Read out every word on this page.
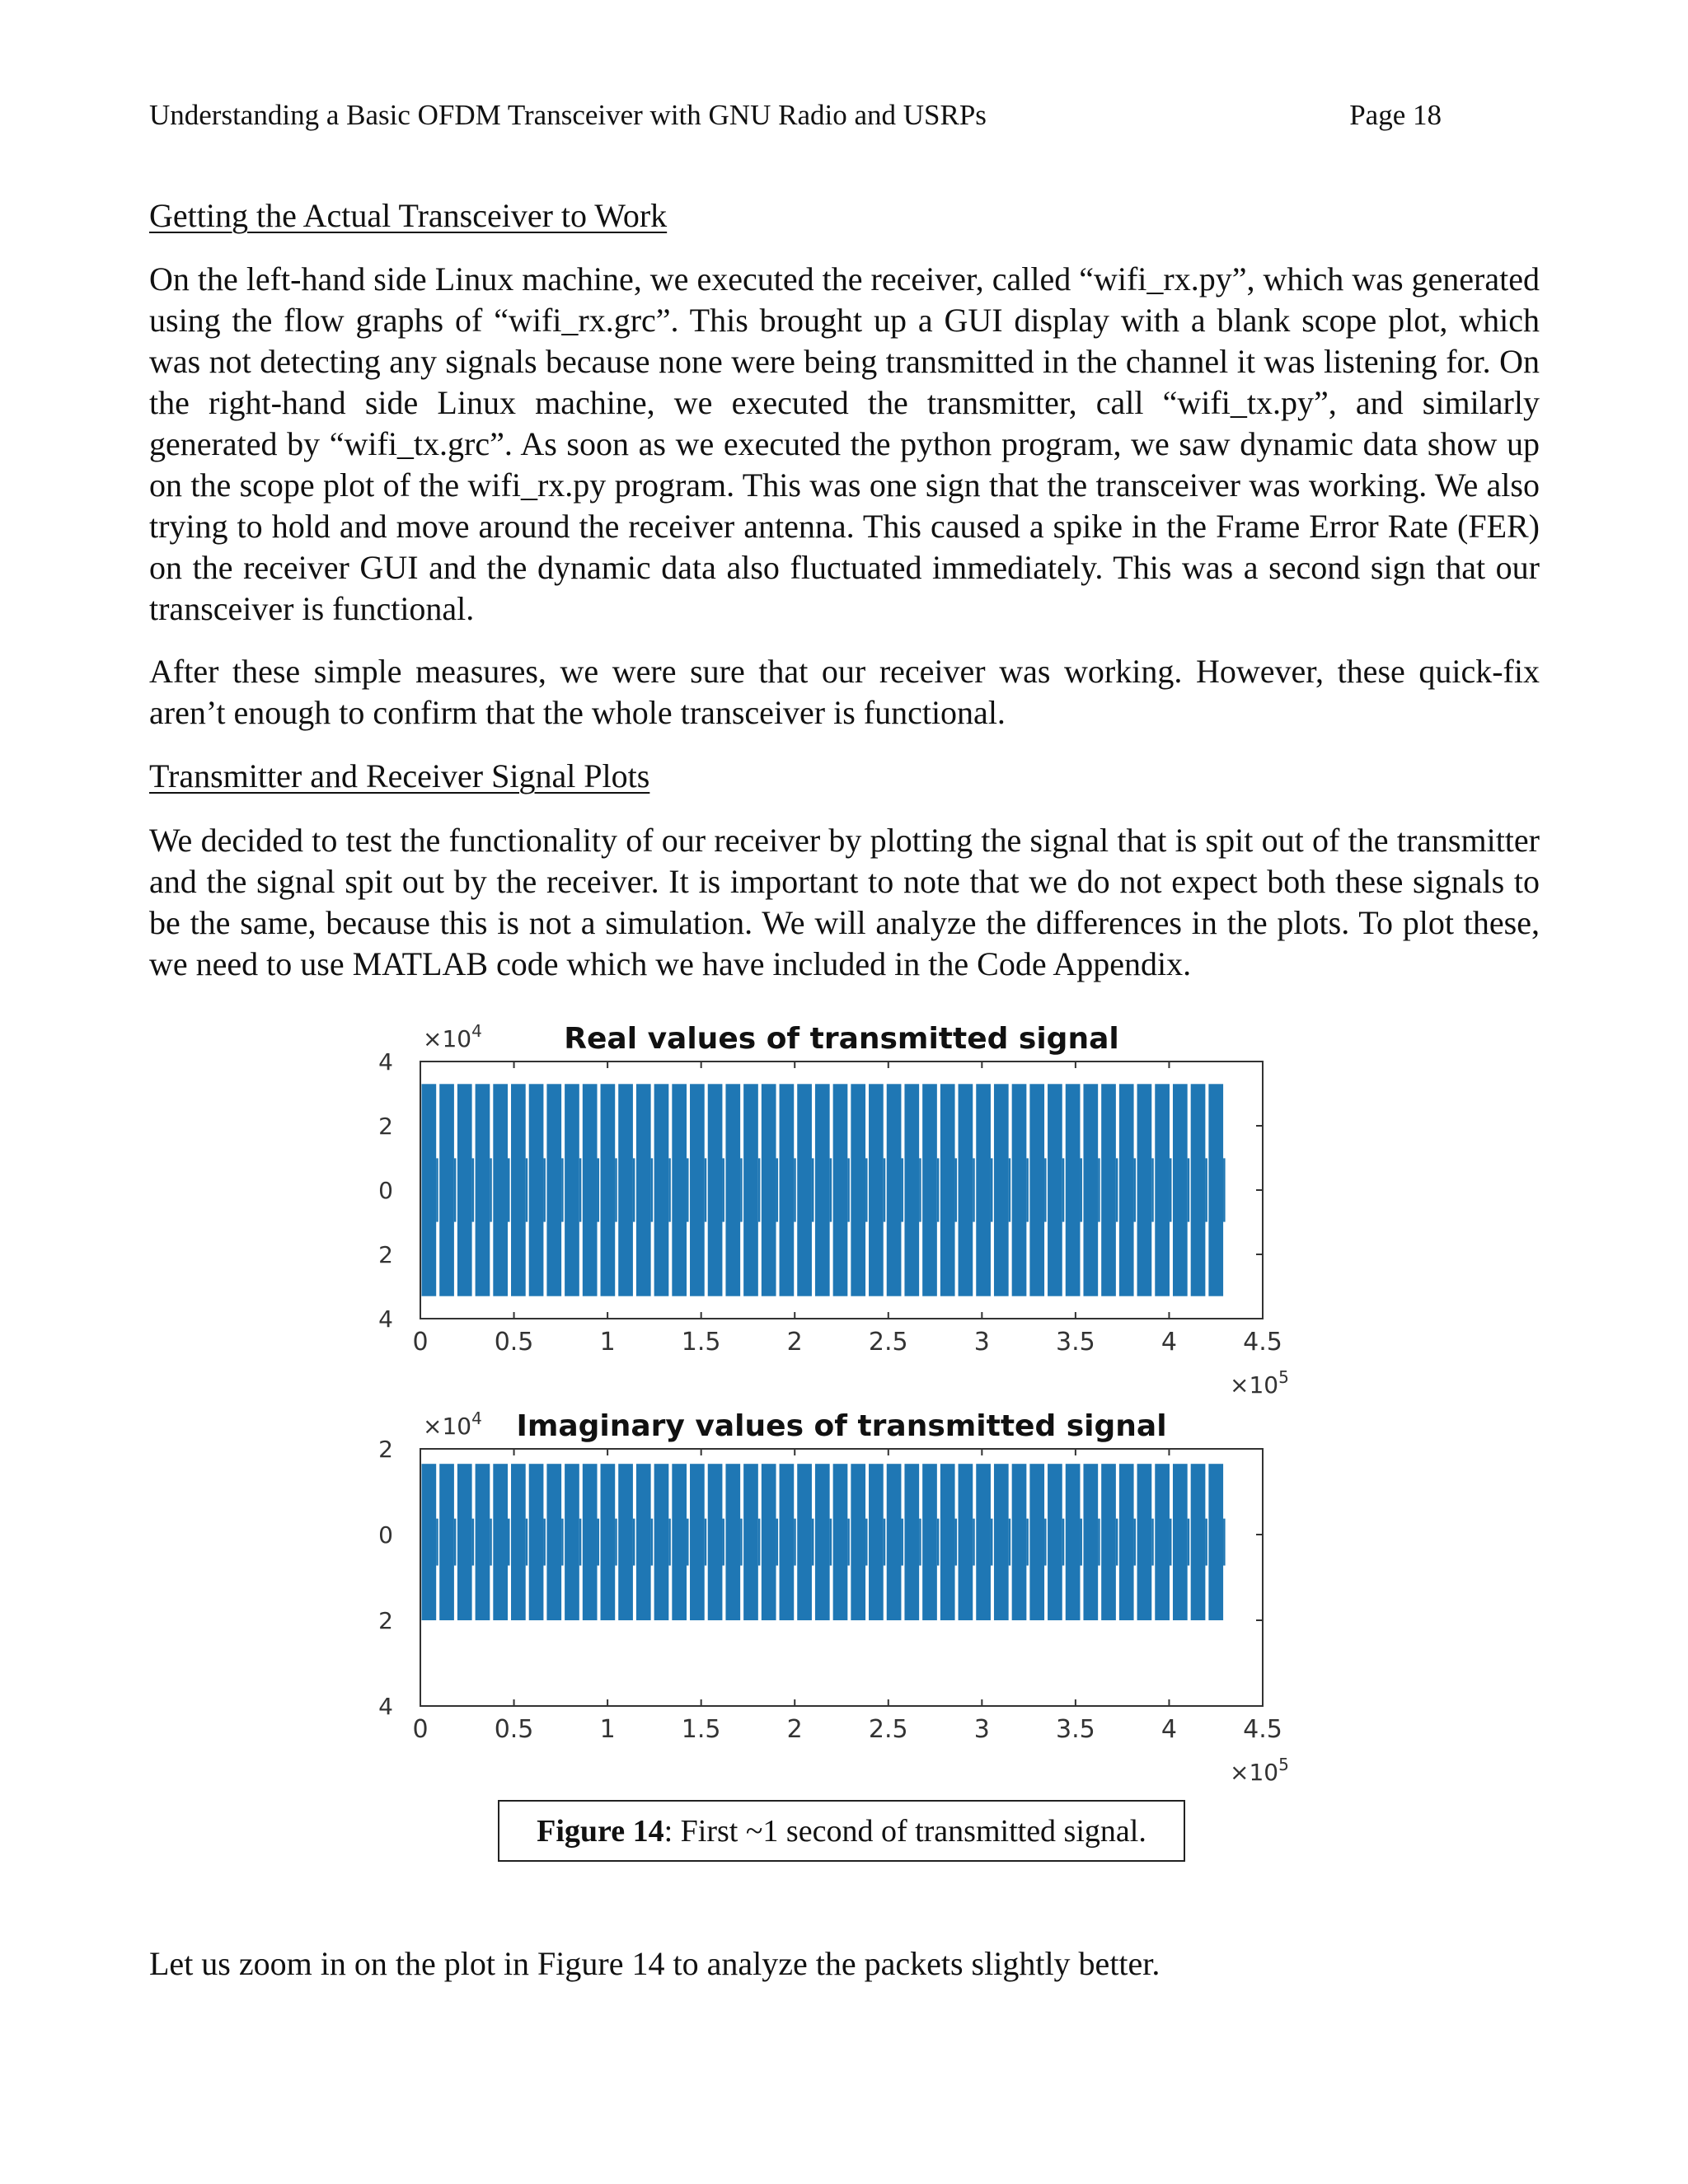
Understanding a Basic OFDM Transceiver with GNU Radio and USRPs	Page 18
Getting the Actual Transceiver to Work

On the left-hand side Linux machine, we executed the receiver, called “wifi_rx.py”, which was generated using the flow graphs of “wifi_rx.grc”. This brought up a GUI display with a blank scope plot, which was not detecting any signals because none were being transmitted in the channel it was listening for. On the right-hand side Linux machine, we executed the transmitter, call “wifi_tx.py”, and similarly generated by “wifi_tx.grc”. As soon as we executed the python program, we saw dynamic data show up on the scope plot of the wifi_rx.py program. This was one sign that the transceiver was working. We also trying to hold and move around the receiver antenna. This caused a spike in the Frame Error Rate (FER) on the receiver GUI and the dynamic data also fluctuated immediately. This was a second sign that our transceiver is functional.

After these simple measures, we were sure that our receiver was working. However, these quick-fix aren’t enough to confirm that the whole transceiver is functional.

Transmitter and Receiver Signal Plots

We decided to test the functionality of our receiver by plotting the signal that is spit out of the transmitter and the signal spit out by the receiver. It is important to note that we do not expect both these signals to be the same, because this is not a simulation. We will analyze the differences in the plots. To plot these, we need to use MATLAB code which we have included in the Code Appendix.

Real values of transmitted signal
$\times 10^4$
0	0.5	1	1.5	2	2.5	3	3.5	4	4.5
$\times 10^5$
4
2
0
2
4
Imaginary values of transmitted signal
$\times 10^4$
0	0.5	1	1.5	2	2.5	3	3.5	4	4.5
$\times 10^5$
2
0
2
4
Figure 14: First ~1 second of transmitted signal.

Let us zoom in on the plot in Figure 14 to analyze the packets slightly better.
